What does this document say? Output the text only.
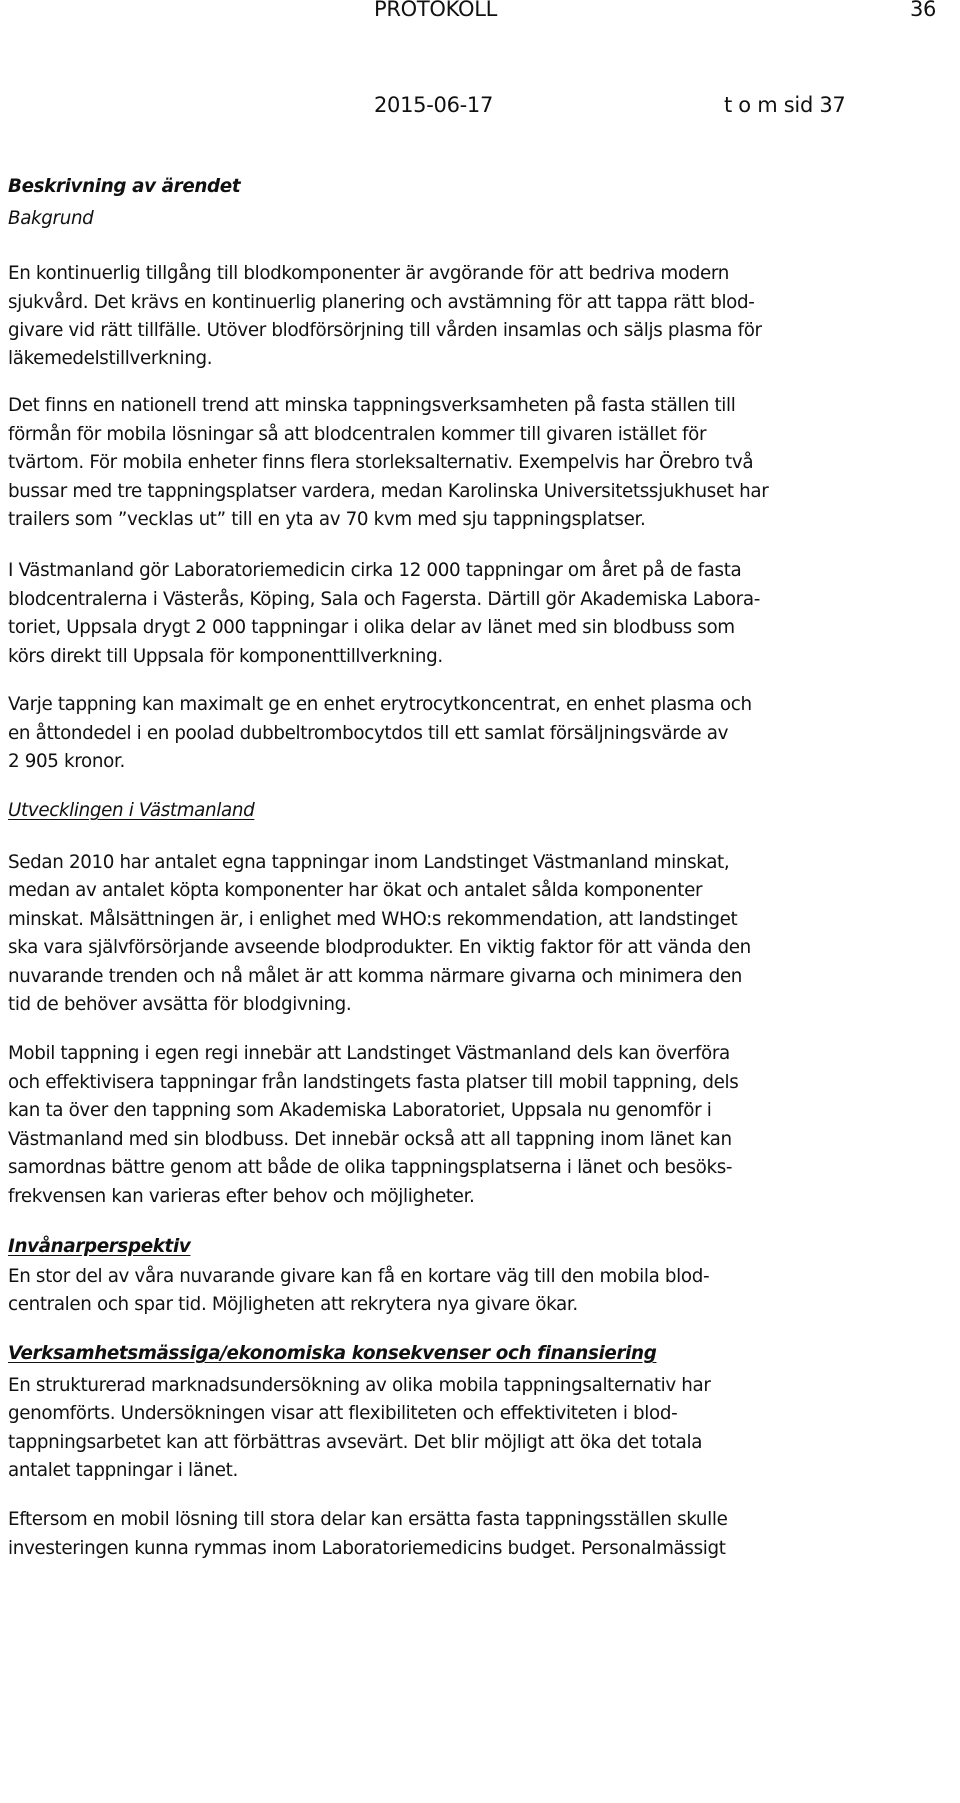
PROTOKOLL	36
2015-06-17	t o m sid 37
Beskrivning av ärendet
Bakgrund
En kontinuerlig tillgång till blodkomponenter är avgörande för att bedriva modern
sjukvård. Det krävs en kontinuerlig planering och avstämning för att tappa rätt blod-
givare vid rätt tillfälle. Utöver blodförsörjning till vården insamlas och säljs plasma för
läkemedelstillverkning.
Det finns en nationell trend att minska tappningsverksamheten på fasta ställen till
förmån för mobila lösningar så att blodcentralen kommer till givaren istället för
tvärtom. För mobila enheter finns flera storleksalternativ. Exempelvis har Örebro två
bussar med tre tappningsplatser vardera, medan Karolinska Universitetssjukhuset har
trailers som ”vecklas ut” till en yta av 70 kvm med sju tappningsplatser.
I Västmanland gör Laboratoriemedicin cirka 12 000 tappningar om året på de fasta
blodcentralerna i Västerås, Köping, Sala och Fagersta. Därtill gör Akademiska Labora-
toriet, Uppsala drygt 2 000 tappningar i olika delar av länet med sin blodbuss som
körs direkt till Uppsala för komponenttillverkning.
Varje tappning kan maximalt ge en enhet erytrocytkoncentrat, en enhet plasma och
en åttondedel i en poolad dubbeltrombocytdos till ett samlat försäljningsvärde av
2 905 kronor.
Utvecklingen i Västmanland
Sedan 2010 har antalet egna tappningar inom Landstinget Västmanland minskat,
medan av antalet köpta komponenter har ökat och antalet sålda komponenter
minskat. Målsättningen är, i enlighet med WHO:s rekommendation, att landstinget
ska vara självförsörjande avseende blodprodukter. En viktig faktor för att vända den
nuvarande trenden och nå målet är att komma närmare givarna och minimera den
tid de behöver avsätta för blodgivning.
Mobil tappning i egen regi innebär att Landstinget Västmanland dels kan överföra
och effektivisera tappningar från landstingets fasta platser till mobil tappning, dels
kan ta över den tappning som Akademiska Laboratoriet, Uppsala nu genomför i
Västmanland med sin blodbuss. Det innebär också att all tappning inom länet kan
samordnas bättre genom att både de olika tappningsplatserna i länet och besöks-
frekvensen kan varieras efter behov och möjligheter.
Invånarperspektiv
En stor del av våra nuvarande givare kan få en kortare väg till den mobila blod-
centralen och spar tid. Möjligheten att rekrytera nya givare ökar.
Verksamhetsmässiga/ekonomiska konsekvenser och finansiering
En strukturerad marknadsundersökning av olika mobila tappningsalternativ har
genomförts. Undersökningen visar att flexibiliteten och effektiviteten i blod-
tappningsarbetet kan att förbättras avsevärt. Det blir möjligt att öka det totala
antalet tappningar i länet.
Eftersom en mobil lösning till stora delar kan ersätta fasta tappningsställen skulle
investeringen kunna rymmas inom Laboratoriemedicins budget. Personalmässigt
